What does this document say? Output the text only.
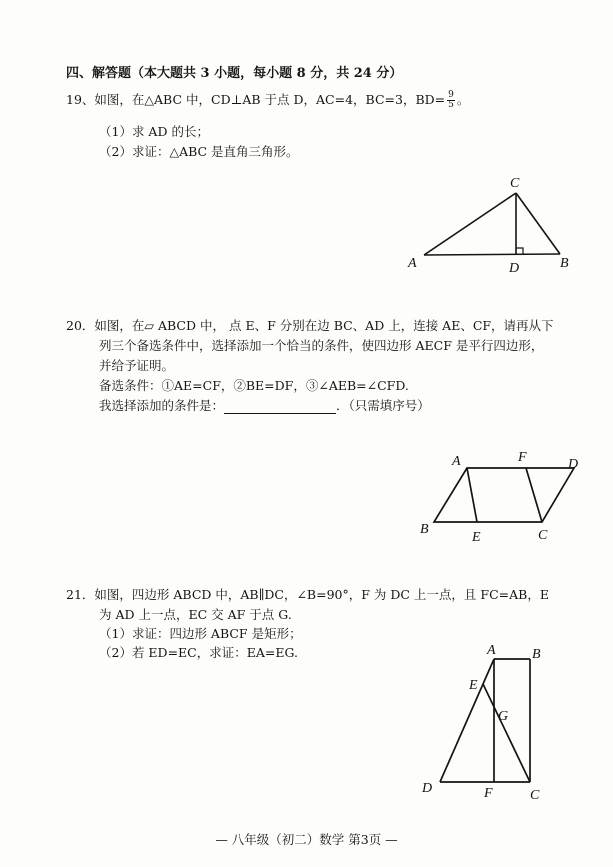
四、解答题（本大题共 3 小题，每小题 8 分，共 24 分）
19、如图，在△ABC 中，CD⊥AB 于点 D，AC=4，BC=3，$BD= \frac{9}{5}$ 。
（1）求 AD 的长；
（2）求证：△ABC 是直角三角形。
A	B
C
D
20．如图，在▱ ABCD 中， 点 E、F 分别在边 BC、AD 上，连接 AE、CF，请再从下
列三个备选条件中，选择添加一个恰当的条件，使四边形 AECF 是平行四边形，
并给予证明。
备选条件：①AE=CF，②BE=DF，③∠AEB=∠CFD.
我选择添加的条件是：	．（只需填序号）
A
B	C
D
E
F
21．如图，四边形 ABCD 中，AB∥DC，∠B=90°，F 为 DC 上一点，且 FC=AB，E
为 AD 上一点，EC 交 AF 于点 G.
（1）求证：四边形 ABCF 是矩形；
（2）若 ED=EC，求证：EA=EG.	A	B
C
D
E
F
G
— 八年级（初二）数学 第3页 —
